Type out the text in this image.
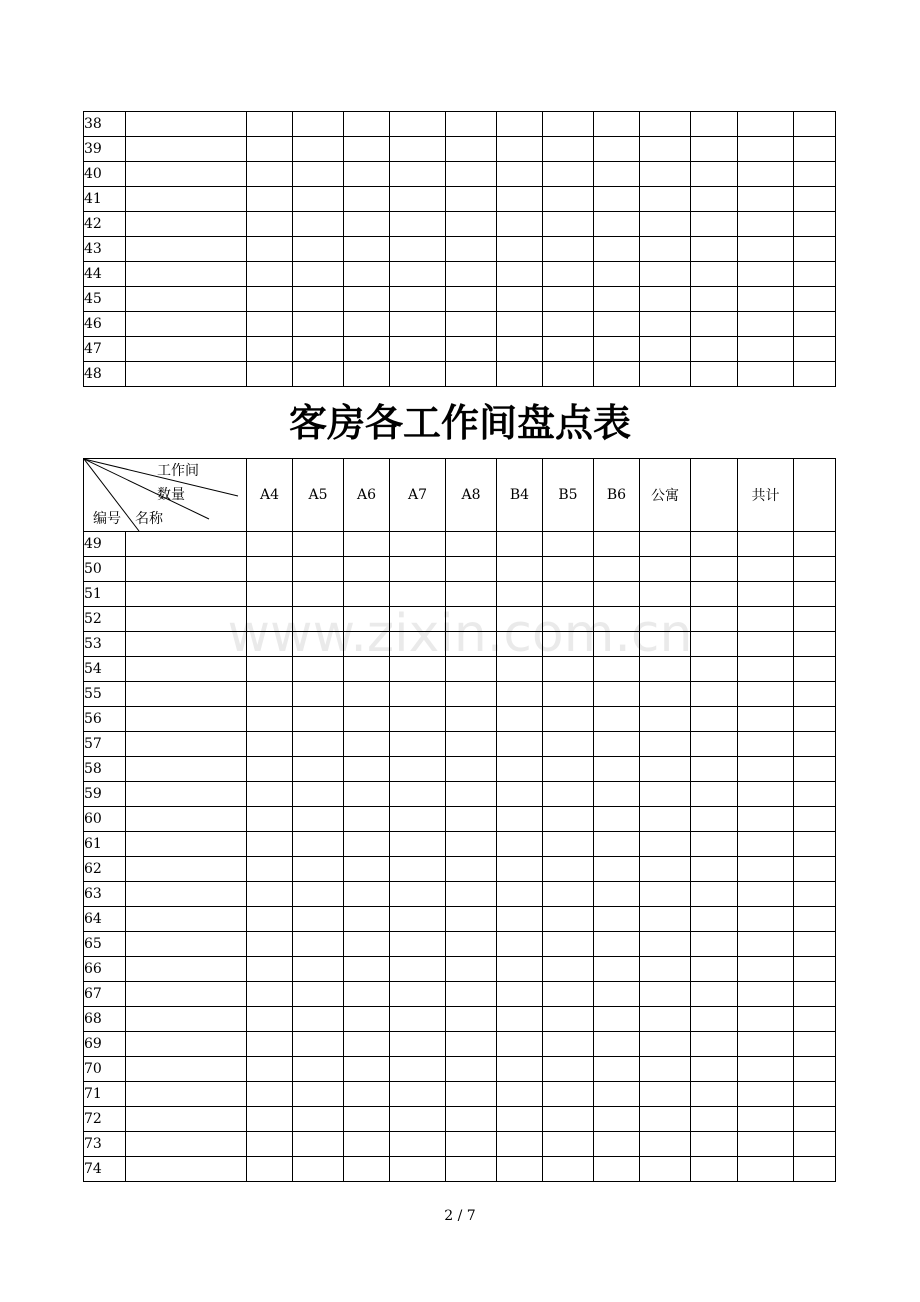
38													
39													
40													
41													
42													
43													
44													
45													
46													
47													
48													
客房各工作间盘点表
工作间
数量
编号 名称		A4	A5	A6	A7	A8	B4	B5	B6	公寓		共计	
49													
50													
51													
52													
53													
54													
55													
56													
57													
58													
59													
60													
61													
62													
63													
64													
65													
66													
67													
68													
69													
70													
71													
72													
73													
74													
www.zixin.com.cn
2 / 7
